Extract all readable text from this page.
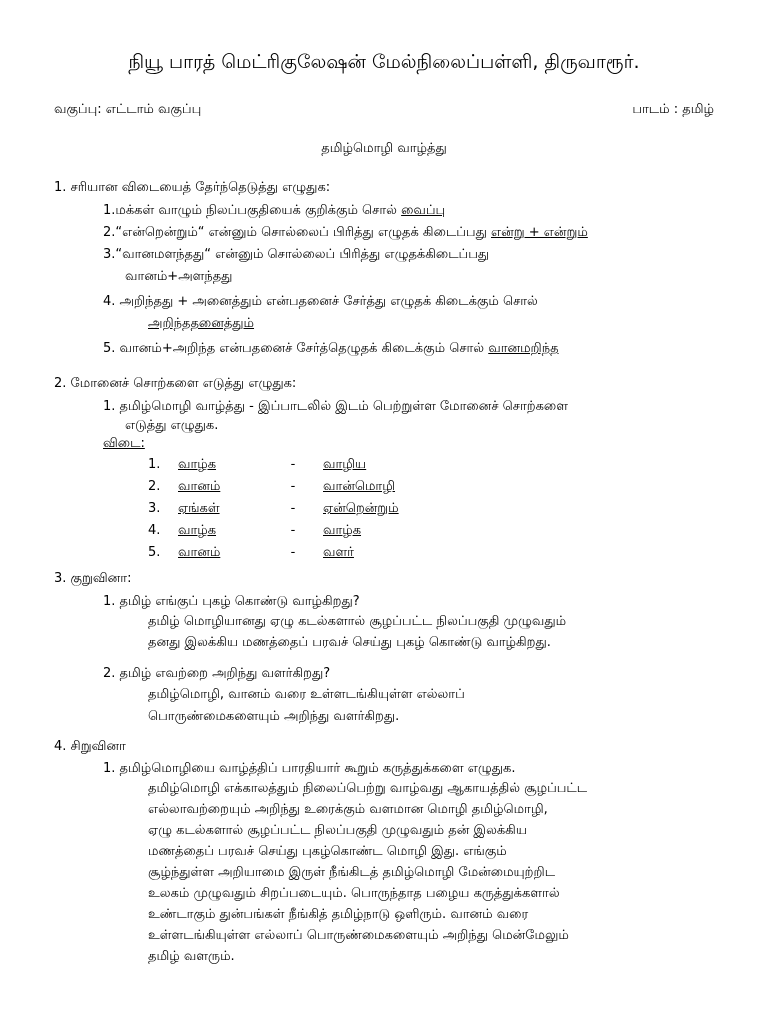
நியூ பாரத் மெட்ரிகுலேஷன் மேல்நிலைப்பள்ளி, திருவாரூர்.
வகுப்பு: எட்டாம் வகுப்பு	பாடம் : தமிழ்
தமிழ்மொழி வாழ்த்து
1. சரியான விடையைத் தேர்ந்தெடுத்து எழுதுக:
1.மக்கள் வாழும் நிலப்பகுதியைக் குறிக்கும் சொல் வைப்பு
2.“என்றென்றும்“ என்னும் சொல்லைப் பிரித்து எழுதக் கிடைப்பது என்று + என்றும்
3.“வானமளந்தது“ என்னும் சொல்லைப் பிரித்து எழுதக்கிடைப்பது
வானம்+அளந்தது
4. அறிந்தது + அனைத்தும் என்பதனைச் சேர்த்து எழுதக் கிடைக்கும் சொல்
அறிந்ததனைத்தும்
5. வானம்+அறிந்த என்பதனைச் சேர்த்தெழுதக் கிடைக்கும் சொல் வானமறிந்த
2. மோனைச் சொற்களை எடுத்து எழுதுக:
1. தமிழ்மொழி வாழ்த்து - இப்பாடலில் இடம் பெற்றுள்ள மோனைச் சொற்களை
எடுத்து எழுதுக.
விடை:
1. வாழ்க	- வாழிய
2. வானம்	- வான்மொழி
3. ஏங்கள்	- ஏன்றென்றும்
4. வாழ்க	- வாழ்க
5. வானம்	- வளர்
3. குறுவினா:
1. தமிழ் எங்குப் புகழ் கொண்டு வாழ்கிறது?
தமிழ் மொழியானது ஏழு கடல்களால் சூழப்பட்ட நிலப்பகுதி முழுவதும்
தனது இலக்கிய மணத்தைப் பரவச் செய்து புகழ் கொண்டு வாழ்கிறது.
2. தமிழ் எவற்றை அறிந்து வளர்கிறது?
தமிழ்மொழி, வானம் வரை உள்ளடங்கியுள்ள எல்லாப்
பொருண்மைகளையும் அறிந்து வளர்கிறது.
4. சிறுவினா
1. தமிழ்மொழியை வாழ்த்திப் பாரதியார் கூறும் கருத்துக்களை எழுதுக.
தமிழ்மொழி எக்காலத்தும் நிலைப்பெற்று வாழ்வது ஆகாயத்தில் சூழப்பட்ட
எல்லாவற்றையும் அறிந்து உரைக்கும் வளமான மொழி தமிழ்மொழி,
ஏழு கடல்களால் சூழப்பட்ட நிலப்பகுதி முழுவதும் தன் இலக்கிய
மணத்தைப் பரவச் செய்து புகழ்கொண்ட மொழி இது. எங்கும்
சூழ்ந்துள்ள அறியாமை இருள் நீங்கிடத் தமிழ்மொழி மேன்மையுற்றிட
உலகம் முழுவதும் சிறப்படையும். பொருந்தாத பழைய கருத்துக்களால்
உண்டாகும் துன்பங்கள் நீங்கித் தமிழ்நாடு ஒளிரும். வானம் வரை
உள்ளடங்கியுள்ள எல்லாப் பொருண்மைகளையும் அறிந்து மென்மேலும்
தமிழ் வளரும்.
